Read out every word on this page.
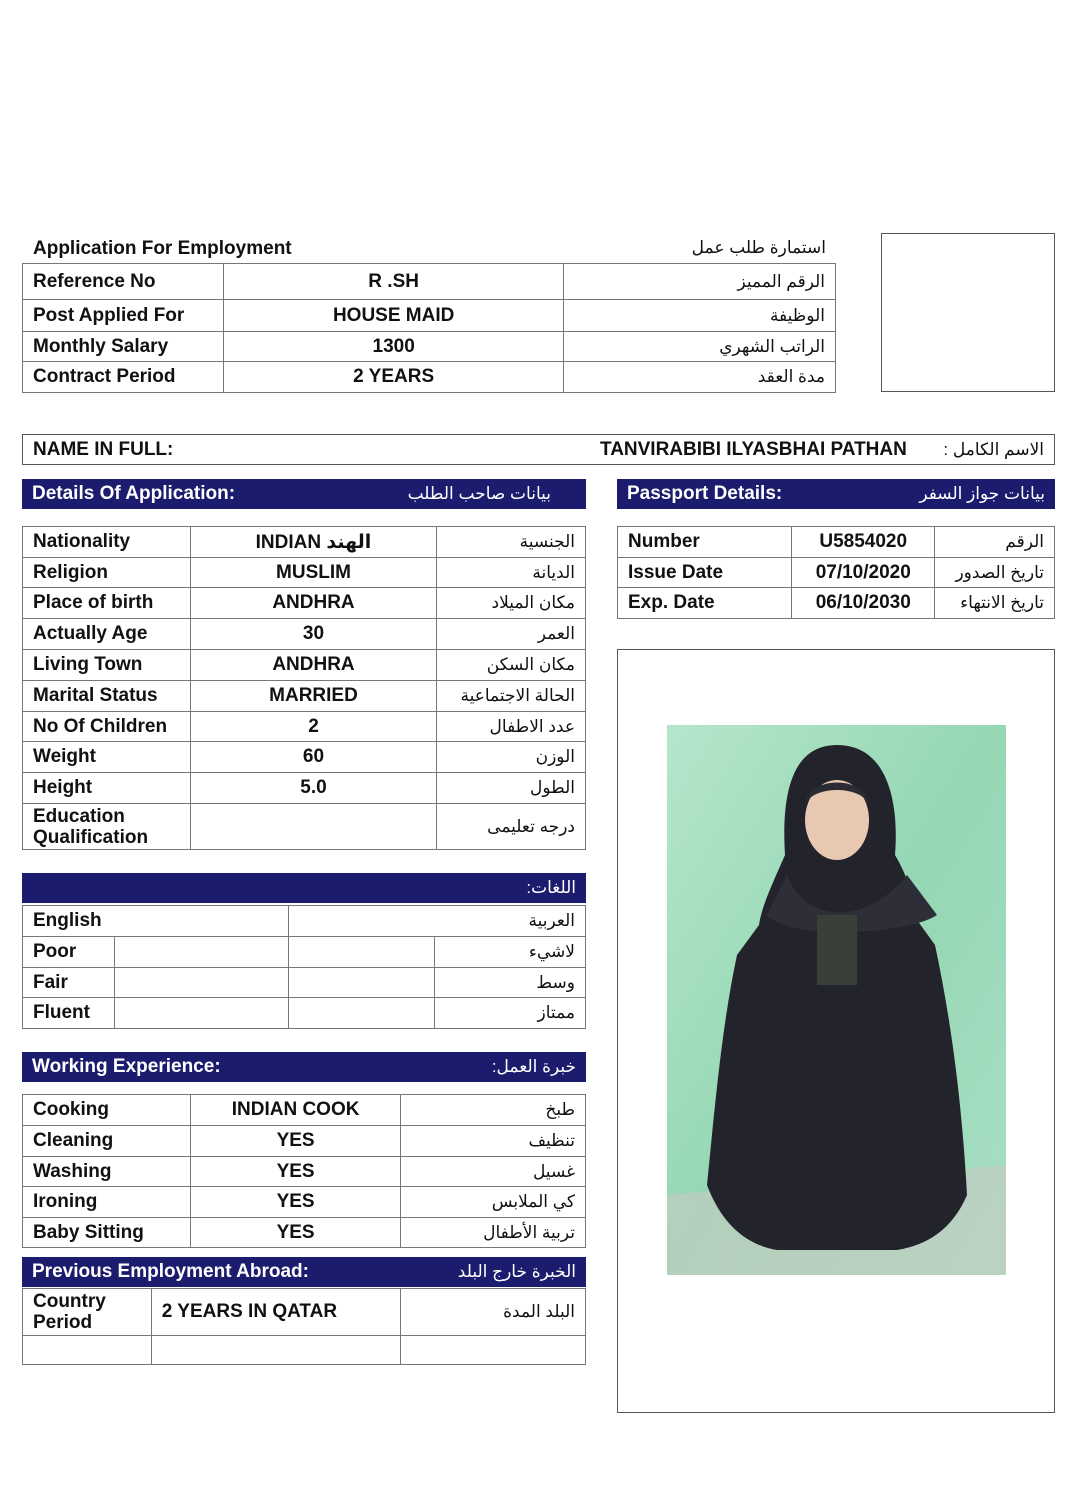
Application For Employment	استمارة طلب عمل
Reference No	R .SH	الرقم المميز
Post Applied For	HOUSE MAID	الوظيفة
Monthly Salary	1300	الراتب الشهري
Contract Period	2 YEARS	مدة العقد
NAME IN FULL:	TANVIRABIBI ILYASBHAI PATHAN الاسم الكامل :
Details Of Application:	بيانات صاحب الطلب	Passport Details:	بيانات جواز السفر
Nationality	INDIAN الهند	الجنسية
Religion	MUSLIM	الديانة
Place of birth	ANDHRA	مكان الميلاد
Actually Age	30	العمر
Living Town	ANDHRA	مكان السكن
Marital Status	MARRIED	الحالة الاجتماعية
No Of Children	2	عدد الاطفال
Weight	60	الوزن
Height	5.0	الطول

Education
Qualification		درجه تعليمى
Number	U5854020	الرقم
Issue Date	07/10/2020	تاريخ الصدور
Exp. Date	06/10/2030	تاريخ الانتهاء
اللغات:
English		العربية	
Poor			لاشيء
Fair			وسط
Fluent			ممتاز
Working Experience:	خبرة العمل:
Cooking	INDIAN COOK	طبخ
Cleaning	YES	تنظيف
Washing	YES	غسيل
Ironing	YES	كي الملابس
Baby Sitting	YES	تربية الأطفال
Previous Employment Abroad:	الخبرة خارج البلد
Country
Period	2 YEARS IN QATAR	البلد المدة
